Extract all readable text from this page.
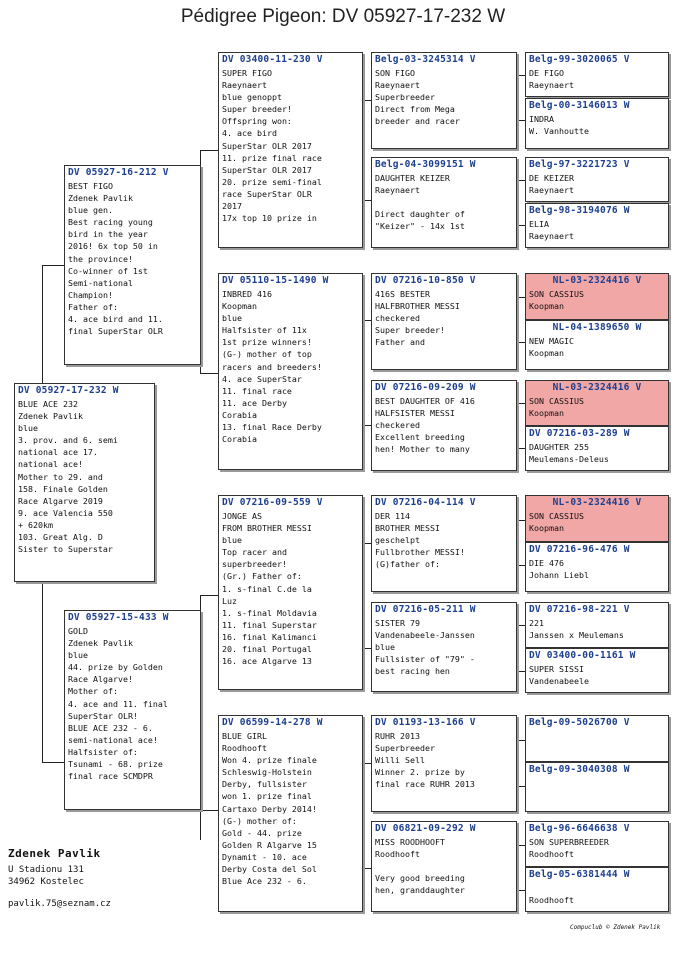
Pédigree Pigeon: DV 05927-17-232 W
DV 05927-17-232 W
BLUE ACE 232
Zdenek Pavlik
blue
3. prov. and 6. semi
national ace 17.
national ace!
Mother to 29. and
158. Finale Golden
Race Algarve 2019
9. ace Valencia 550
+ 620km
103. Great Alg. D
Sister to Superstar
DV 05927-16-212 V
BEST FIGO
Zdenek Pavlik
blue gen.
Best racing young
bird in the year
2016! 6x top 50 in
the province!
Co-winner of 1st
Semi-national
Champion!
Father of:
4. ace bird and 11.
final SuperStar OLR
DV 05927-15-433 W
GOLD
Zdenek Pavlik
blue
44. prize by Golden
Race Algarve!
Mother of:
4. ace and 11. final
SuperStar OLR!
BLUE ACE 232 - 6.
semi-national ace!
Halfsister of:
Tsunami - 68. prize
final race SCMDPR
DV 03400-11-230 V
SUPER FIGO
Raeynaert
blue genoppt
Super breeder!
Offspring won:
4. ace bird
SuperStar OLR 2017
11. prize final race
SuperStar OLR 2017
20. prize semi-final
race SuperStar OLR
2017
17x top 10 prize in
DV 05110-15-1490 W
INBRED 416
Koopman
blue
Halfsister of 11x
1st prize winners!
(G-) mother of top
racers and breeders!
4. ace SuperStar
11. final race
11. ace Derby
Corabia
13. final Race Derby
Corabia
DV 07216-09-559 V
JONGE AS
FROM BROTHER MESSI
blue
Top racer and
superbreeder!
(Gr.) Father of:
1. s-final C.de la
Luz
1. s-final Moldavia
11. final Superstar
16. final Kalimanci
20. final Portugal
16. ace Algarve 13
DV 06599-14-278 W
BLUE GIRL
Roodhooft
Won 4. prize finale
Schleswig-Holstein
Derby, fullsister
won 1. prize final
Cartaxo Derby 2014!
(G-) mother of:
Gold - 44. prize
Golden R Algarve 15
Dynamit - 10. ace
Derby Costa del Sol
Blue Ace 232 - 6.
Belg-03-3245314 V
SON FIGO
Raeynaert
Superbreeder
Direct from Mega
breeder and racer
Belg-04-3099151 W
DAUGHTER KEIZER
Raeynaert

Direct daughter of
"Keizer" - 14x 1st
DV 07216-10-850 V
416S BESTER
HALFBROTHER MESSI
checkered
Super breeder!
Father and
DV 07216-09-209 W
BEST DAUGHTER OF 416
HALFSISTER MESSI
checkered
Excellent breeding
hen! Mother to many
DV 07216-04-114 V
DER 114
BROTHER MESSI
geschelpt
Fullbrother MESSI!
(G)father of:
DV 07216-05-211 W
SISTER 79
Vandenabeele-Janssen
blue
Fullsister of "79" -
best racing hen
DV 01193-13-166 V
RUHR 2013
Superbreeder
Willi Sell
Winner 2. prize by
final race RUHR 2013
DV 06821-09-292 W
MISS ROODHOOFT
Roodhooft

Very good breeding
hen, granddaughter
Belg-99-3020065 V
DE FIGO
Raeynaert
Belg-00-3146013 W
INDRA
W. Vanhoutte
Belg-97-3221723 V
DE KEIZER
Raeynaert
Belg-98-3194076 W
ELIA
Raeynaert
NL-03-2324416 V
SON CASSIUS
Koopman
NL-04-1389650 W
NEW MAGIC
Koopman
NL-03-2324416 V
SON CASSIUS
Koopman
DV 07216-03-289 W
DAUGHTER 255
Meulemans-Deleus
NL-03-2324416 V
SON CASSIUS
Koopman
DV 07216-96-476 W
DIE 476
Johann Liebl
DV 07216-98-221 V
221
Janssen x Meulemans
DV 03400-00-1161 W
SUPER SISSI
Vandenabeele
Belg-09-5026700 V
Belg-09-3040308 W
Belg-96-6646638 V
SON SUPERBREEDER
Roodhooft
Belg-05-6381444 W

Roodhooft
Zdenek Pavlik
U Stadionu 131
34962 Kostelec
pavlik.75@seznam.cz
Compuclub © Zdenek Pavlik
